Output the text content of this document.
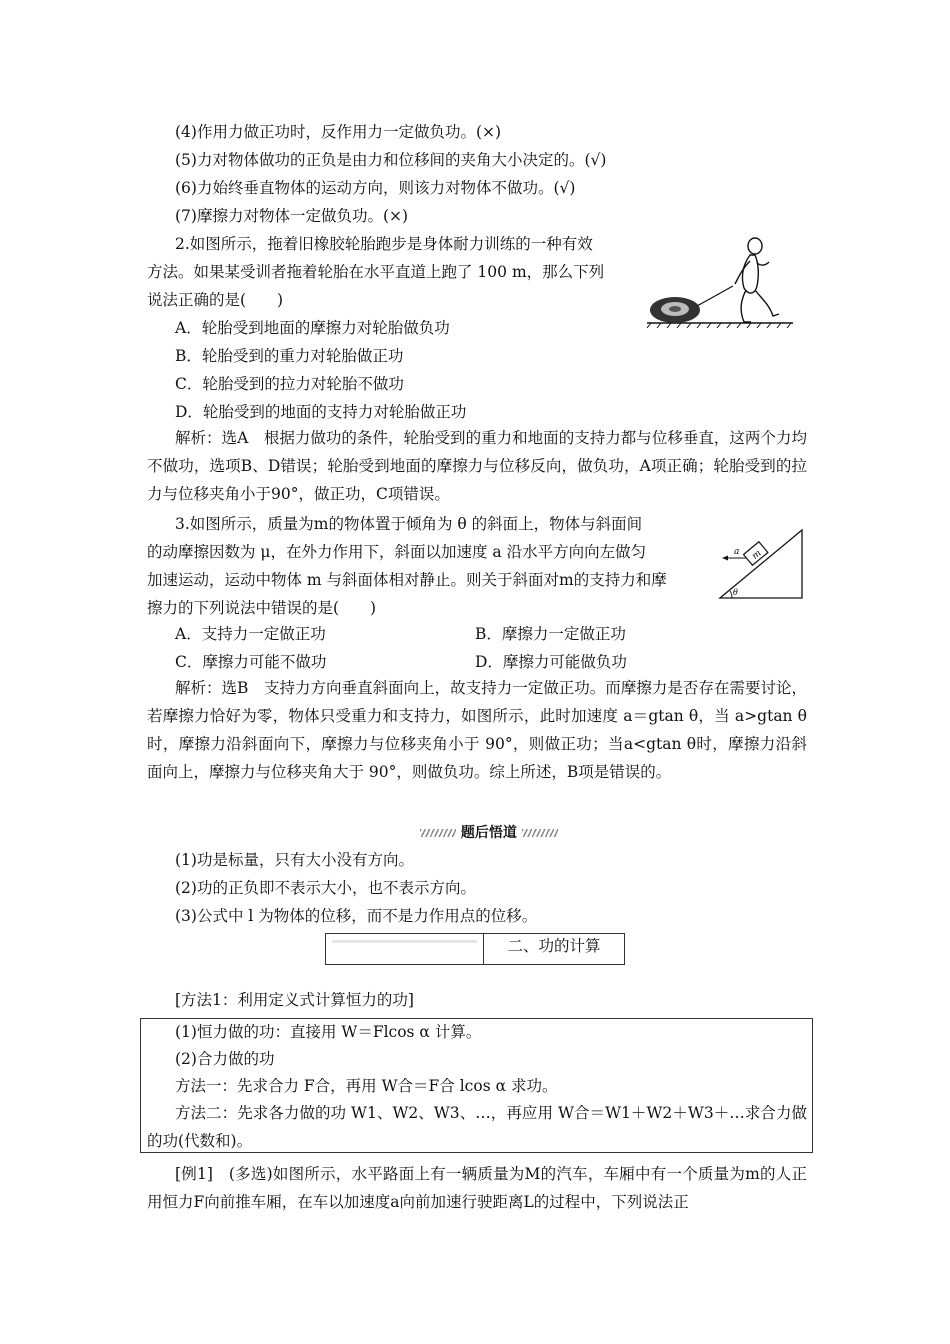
(4)作用力做正功时，反作用力一定做负功。(×)
(5)力对物体做功的正负是由力和位移间的夹角大小决定的。(√)
(6)力始终垂直物体的运动方向，则该力对物体不做功。(√)
(7)摩擦力对物体一定做负功。(×)
2.如图所示，拖着旧橡胶轮胎跑步是身体耐力训练的一种有效
方法。如果某受训者拖着轮胎在水平直道上跑了 100 m，那么下列
说法正确的是(　　)
A．轮胎受到地面的摩擦力对轮胎做负功
B．轮胎受到的重力对轮胎做正功
C．轮胎受到的拉力对轮胎不做功
D．轮胎受到的地面的支持力对轮胎做正功
解析：选A　根据力做功的条件，轮胎受到的重力和地面的支持力都与位移垂直，这两个力均不做功，选项B、D错误；轮胎受到地面的摩擦力与位移反向，做负功，A项正确；轮胎受到的拉力与位移夹角小于90°，做正功，C项错误。
3.如图所示，质量为m的物体置于倾角为 θ 的斜面上，物体与斜面间
的动摩擦因数为 μ，在外力作用下，斜面以加速度 a 沿水平方向向左做匀
加速运动，运动中物体 m 与斜面体相对静止。则关于斜面对m的支持力和摩
擦力的下列说法中错误的是(　　)
A．支持力一定做正功	B．摩擦力一定做正功
C．摩擦力可能不做功	D．摩擦力可能做负功
解析：选B　支持力方向垂直斜面向上，故支持力一定做正功。而摩擦力是否存在需要讨论，若摩擦力恰好为零，物体只受重力和支持力，如图所示，此时加速度 a＝gtan θ，当 a>gtan θ时，摩擦力沿斜面向下，摩擦力与位移夹角小于 90°，则做正功；当a<gtan θ时，摩擦力沿斜面向上，摩擦力与位移夹角大于 90°，则做负功。综上所述，B项是错误的。
m
a
θ
题后悟道
(1)功是标量，只有大小没有方向。
(2)功的正负即不表示大小，也不表示方向。
(3)公式中 l 为物体的位移，而不是力作用点的位移。
二、功的计算
[方法1：利用定义式计算恒力的功]
(1)恒力做的功：直接用 W＝Flcos α 计算。
(2)合力做的功
方法一：先求合力 F合，再用 W合＝F合 lcos α 求功。
方法二：先求各力做的功 W1、W2、W3、…，再应用 W合＝W1＋W2＋W3＋…求合力做的功(代数和)。
[例1]　(多选)如图所示，水平路面上有一辆质量为M的汽车，车厢中有一个质量为m的人正用恒力F向前推车厢，在车以加速度a向前加速行驶距离L的过程中，下列说法正
